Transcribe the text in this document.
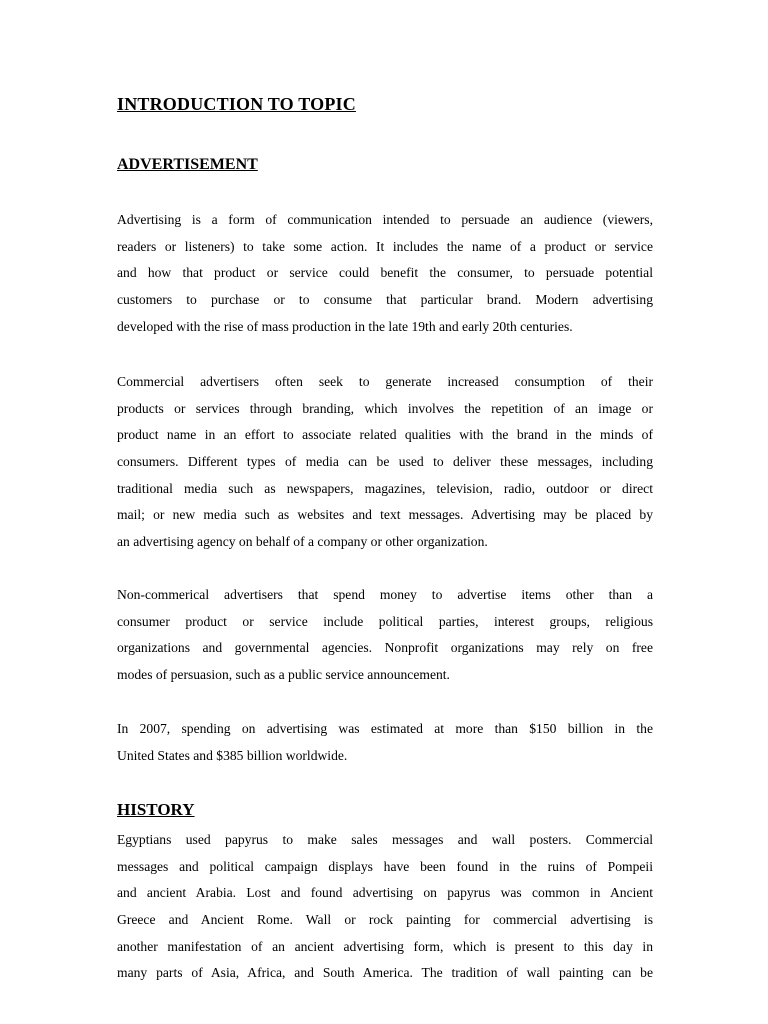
INTRODUCTION TO TOPIC
ADVERTISEMENT
Advertising is a form of communication intended to persuade an audience (viewers,
readers or listeners) to take some action. It includes the name of a product or service
and how that product or service could benefit the consumer, to persuade potential
customers to purchase or to consume that particular brand. Modern advertising
developed with the rise of mass production in the late 19th and early 20th centuries.
Commercial advertisers often seek to generate increased consumption of their
products or services through branding, which involves the repetition of an image or
product name in an effort to associate related qualities with the brand in the minds of
consumers. Different types of media can be used to deliver these messages, including
traditional media such as newspapers, magazines, television, radio, outdoor or direct
mail; or new media such as websites and text messages. Advertising may be placed by
an advertising agency on behalf of a company or other organization.
Non-commerical advertisers that spend money to advertise items other than a
consumer product or service include political parties, interest groups, religious
organizations and governmental agencies. Nonprofit organizations may rely on free
modes of persuasion, such as a public service announcement.
In 2007, spending on advertising was estimated at more than $150 billion in the
United States and $385 billion worldwide.
HISTORY
Egyptians used papyrus to make sales messages and wall posters. Commercial
messages and political campaign displays have been found in the ruins of Pompeii
and ancient Arabia. Lost and found advertising on papyrus was common in Ancient
Greece and Ancient Rome. Wall or rock painting for commercial advertising is
another manifestation of an ancient advertising form, which is present to this day in
many parts of Asia, Africa, and South America. The tradition of wall painting can be
